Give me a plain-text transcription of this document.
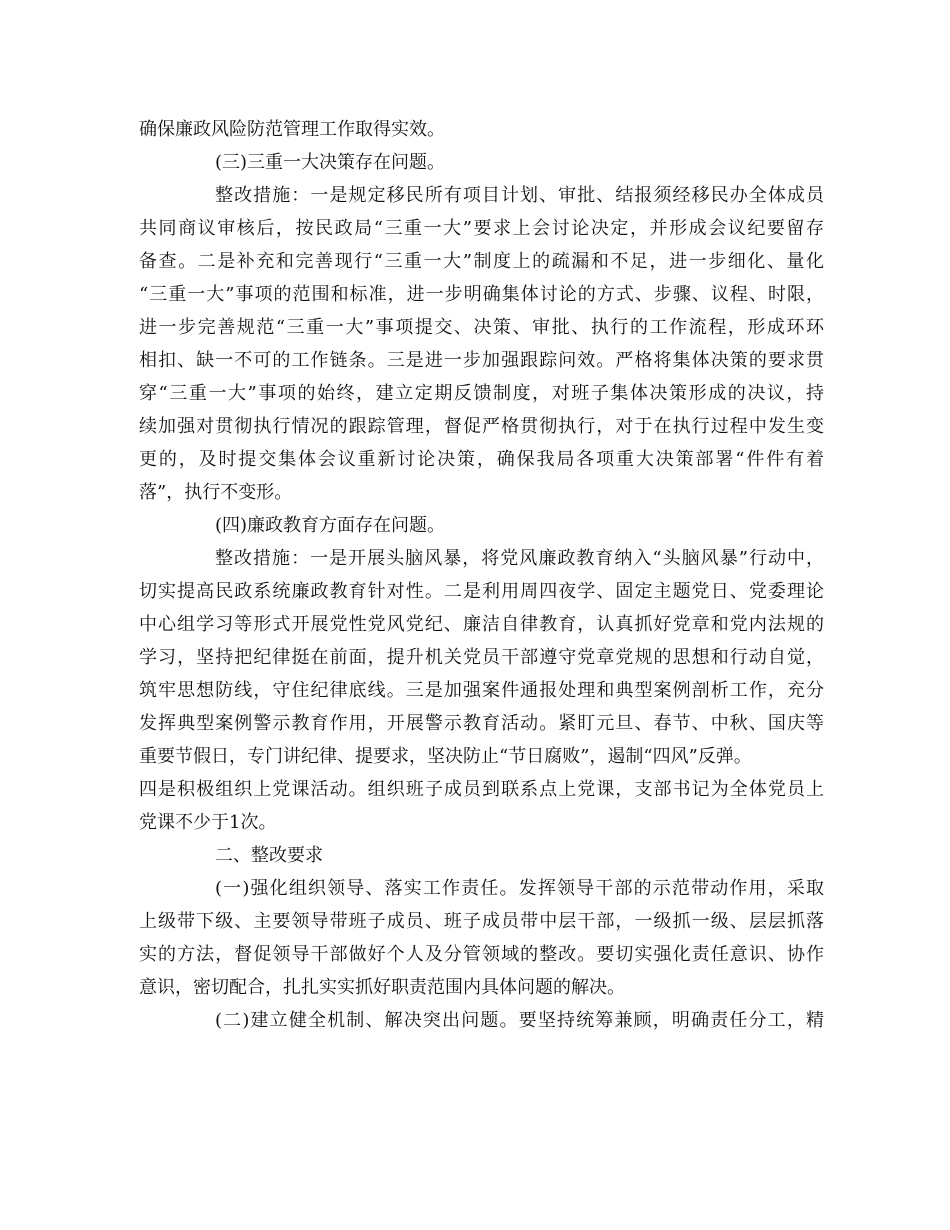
确保廉政风险防范管理工作取得实效。
(三)三重一大决策存在问题。
整改措施：一是规定移民所有项目计划、审批、结报须经移民办全体成员
共同商议审核后，按民政局“三重一大”要求上会讨论决定，并形成会议纪要留存
备查。二是补充和完善现行“三重一大”制度上的疏漏和不足，进一步细化、量化
“三重一大”事项的范围和标准，进一步明确集体讨论的方式、步骤、议程、时限，
进一步完善规范“三重一大”事项提交、决策、审批、执行的工作流程，形成环环
相扣、缺一不可的工作链条。三是进一步加强跟踪问效。严格将集体决策的要求贯
穿“三重一大”事项的始终，建立定期反馈制度，对班子集体决策形成的决议，持
续加强对贯彻执行情况的跟踪管理，督促严格贯彻执行，对于在执行过程中发生变
更的，及时提交集体会议重新讨论决策，确保我局各项重大决策部署“件件有着
落”，执行不变形。
(四)廉政教育方面存在问题。
整改措施：一是开展头脑风暴，将党风廉政教育纳入“头脑风暴”行动中，
切实提高民政系统廉政教育针对性。二是利用周四夜学、固定主题党日、党委理论
中心组学习等形式开展党性党风党纪、廉洁自律教育，认真抓好党章和党内法规的
学习，坚持把纪律挺在前面，提升机关党员干部遵守党章党规的思想和行动自觉，
筑牢思想防线，守住纪律底线。三是加强案件通报处理和典型案例剖析工作，充分
发挥典型案例警示教育作用，开展警示教育活动。紧盯元旦、春节、中秋、国庆等
重要节假日，专门讲纪律、提要求，坚决防止“节日腐败”，遏制“四风”反弹。
四是积极组织上党课活动。组织班子成员到联系点上党课，支部书记为全体党员上
党课不少于1次。
二、整改要求
(一)强化组织领导、落实工作责任。发挥领导干部的示范带动作用，采取
上级带下级、主要领导带班子成员、班子成员带中层干部，一级抓一级、层层抓落
实的方法，督促领导干部做好个人及分管领域的整改。要切实强化责任意识、协作
意识，密切配合，扎扎实实抓好职责范围内具体问题的解决。
(二)建立健全机制、解决突出问题。要坚持统筹兼顾，明确责任分工，精
